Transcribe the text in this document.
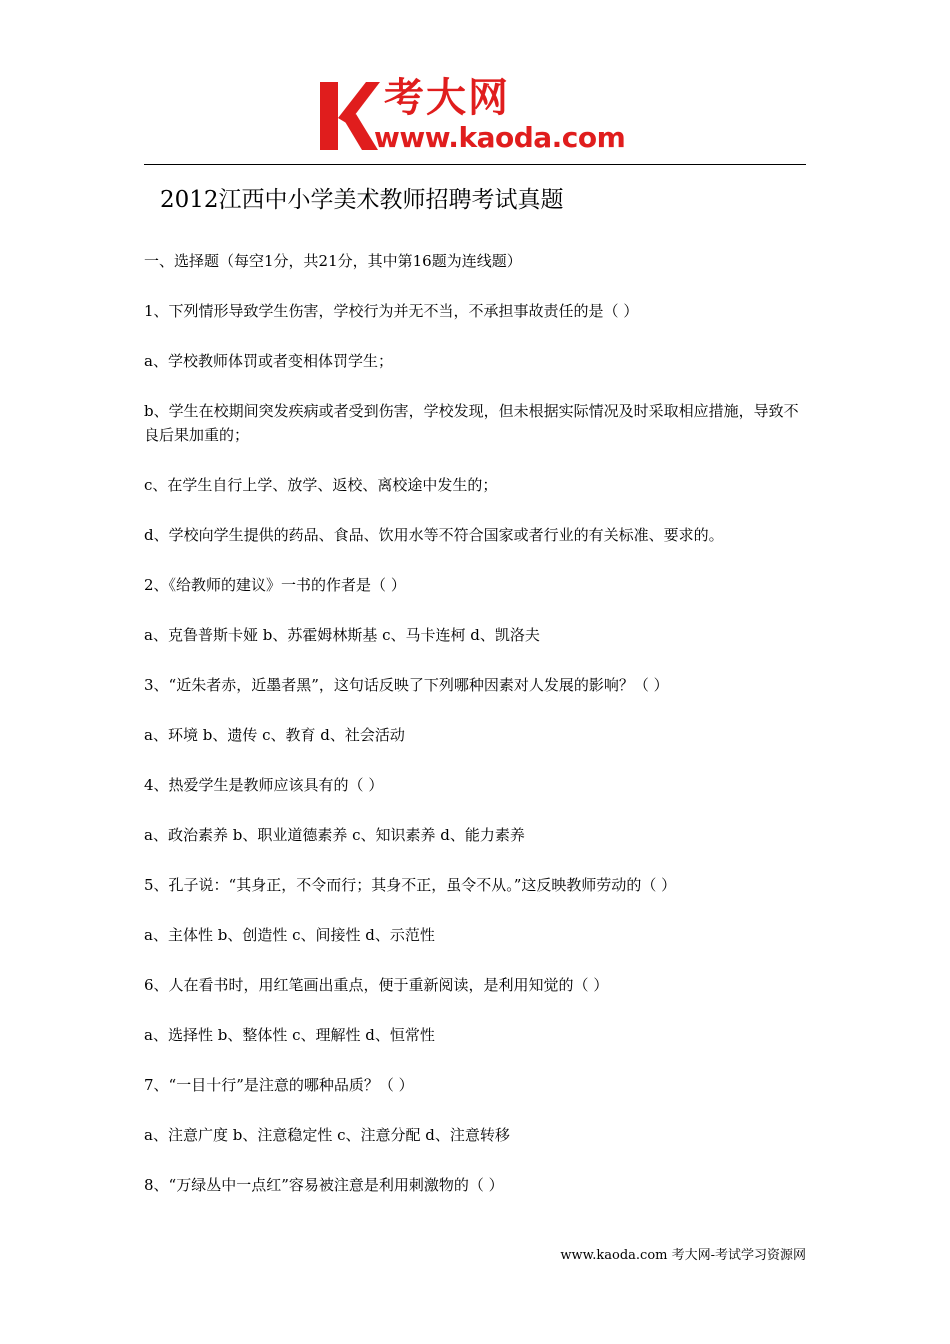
考大网
www.kaoda.com
2012江西中小学美术教师招聘考试真题

一、选择题（每空1分，共21分，其中第16题为连线题）

1、下列情形导致学生伤害，学校行为并无不当，不承担事故责任的是（ ）

a、学校教师体罚或者变相体罚学生；

b、学生在校期间突发疾病或者受到伤害，学校发现，但未根据实际情况及时采取相应措施，导致不良后果加重的；

c、在学生自行上学、放学、返校、离校途中发生的；

d、学校向学生提供的药品、食品、饮用水等不符合国家或者行业的有关标准、要求的。

2、《给教师的建议》一书的作者是（ ）

a、克鲁普斯卡娅 b、苏霍姆林斯基 c、马卡连柯 d、凯洛夫

3、“近朱者赤，近墨者黑”，这句话反映了下列哪种因素对人发展的影响？（ ）

a、环境 b、遗传 c、教育 d、社会活动

4、热爱学生是教师应该具有的（ ）

a、政治素养 b、职业道德素养 c、知识素养 d、能力素养

5、孔子说：“其身正，不令而行；其身不正，虽令不从。”这反映教师劳动的（ ）

a、主体性 b、创造性 c、间接性 d、示范性

6、人在看书时，用红笔画出重点，便于重新阅读，是利用知觉的（ ）

a、选择性 b、整体性 c、理解性 d、恒常性

7、“一目十行”是注意的哪种品质？（ ）

a、注意广度 b、注意稳定性 c、注意分配 d、注意转移

8、“万绿丛中一点红”容易被注意是利用刺激物的（ ）

www.kaoda.com 考大网-考试学习资源网
